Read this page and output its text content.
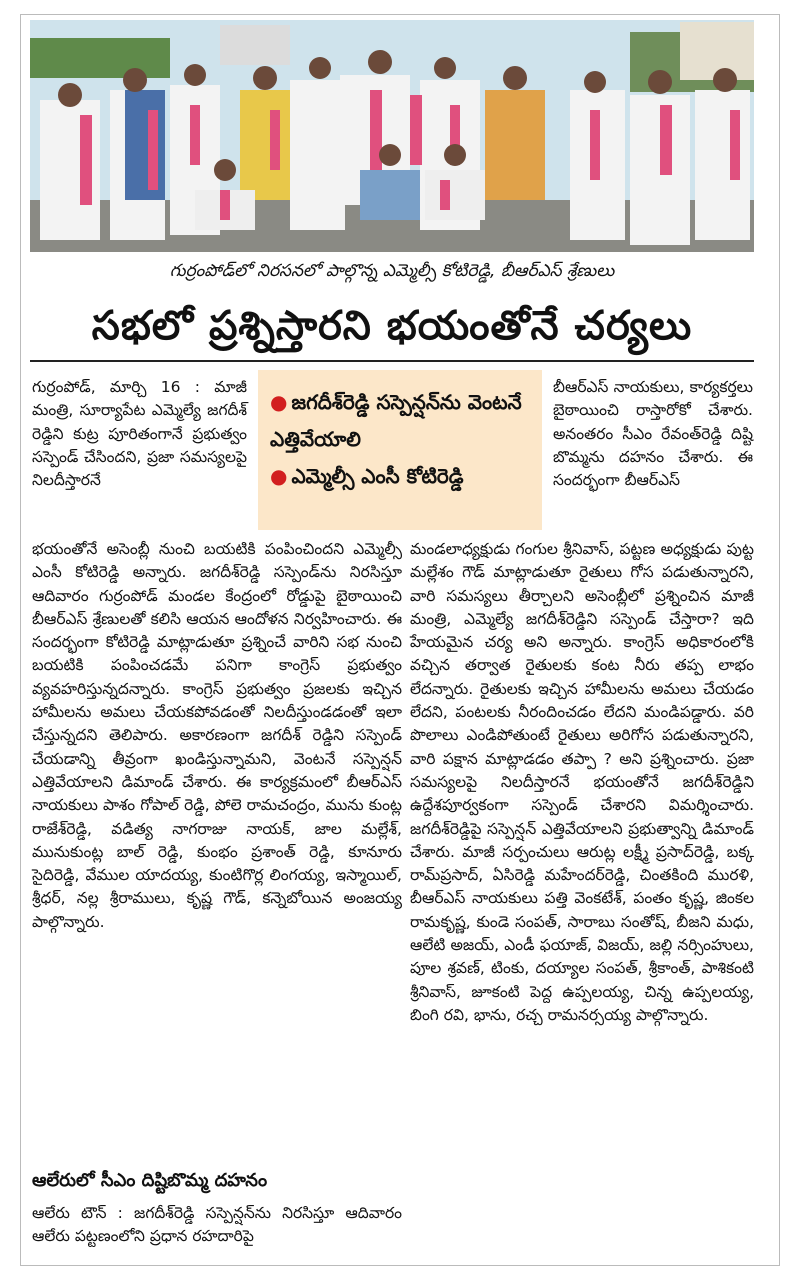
గుర్రంపోడ్‌లో నిరసనలో పాల్గొన్న ఎమ్మెల్సీ కోటిరెడ్డి, బీఆర్‌ఎస్‌ శ్రేణులు
సభలో ప్రశ్నిస్తారని భయంతోనే చర్యలు

● జగదీశ్‌రెడ్డి సస్పెన్షన్‌ను వెంటనే ఎత్తివేయాలి

● ఎమ్మెల్సీ ఎంసీ కోటిరెడ్డి

గుర్రంపోడ్‌, మార్చి 16 : మాజీ మంత్రి, సూర్యాపేట ఎమ్మెల్యే జగదీశ్‌ రెడ్డిని కుట్ర పూరితంగానే ప్రభుత్వం సస్పెండ్‌ చేసిందని, ప్రజా సమస్యలపై నిలదీస్తారనే

భయంతోనే అసెంబ్లీ నుంచి బయటికి పంపించిందని ఎమ్మెల్సీ ఎంసీ కోటిరెడ్డి అన్నారు. జగదీశ్‌రెడ్డి సస్పెండ్‌ను నిరసిస్తూ ఆదివారం గుర్రంపోడ్‌ మండల కేంద్రంలో రోడ్డుపై బైఠాయించి బీఆర్‌ఎస్‌ శ్రేణులతో కలిసి ఆయన ఆందోళన నిర్వహించారు. ఈ సందర్భంగా కోటిరెడ్డి మాట్లాడుతూ ప్రశ్నించే వారిని సభ నుంచి బయటికి పంపించడమే పనిగా కాంగ్రెస్‌ ప్రభుత్వం వ్యవహరిస్తున్నదన్నారు. కాంగ్రెస్‌ ప్రభుత్వం ప్రజలకు ఇచ్చిన హామీలను అమలు చేయకపోవడంతో నిలదీస్తుండడంతో ఇలా చేస్తున్నదని తెలిపారు. అకారణంగా జగదీశ్‌ రెడ్డిని సస్పెండ్‌ చేయడాన్ని తీవ్రంగా ఖండిస్తున్నామని, వెంటనే సస్పెన్షన్‌ ఎత్తివేయాలని డిమాండ్‌ చేశారు. ఈ కార్యక్రమంలో బీఆర్‌ఎస్‌ నాయకులు పాశం గోపాల్‌ రెడ్డి, పోలె రామచంద్రం, మును కుంట్ల రాజేశ్‌రెడ్డి, వడిత్య నాగరాజు నాయక్‌, జాల మల్లేశ్‌, మునుకుంట్ల బాల్‌ రెడ్డి, కుంభం ప్రశాంత్‌ రెడ్డి, కూనూరు సైదిరెడ్డి, వేముల యాదయ్య, కుంటిగొర్ల లింగయ్య, ఇస్మాయిల్‌, శ్రీధర్‌, నల్ల శ్రీరాములు, కృష్ణ గౌడ్‌, కన్నెబోయిన అంజయ్య పాల్గొన్నారు.

బీఆర్‌ఎస్‌ నాయకులు, కార్యకర్తలు బైఠాయించి రాస్తారోకో చేశారు. అనంతరం సీఎం రేవంత్‌రెడ్డి దిష్టి బొమ్మను దహనం చేశారు. ఈ సందర్భంగా బీఆర్‌ఎస్‌

మండలాధ్యక్షుడు గంగుల శ్రీనివాస్‌, పట్టణ అధ్యక్షుడు పుట్ట మల్లేశం గౌడ్‌ మాట్లాడుతూ రైతులు గోస పడుతున్నారని, వారి సమస్యలు తీర్చాలని అసెంబ్లీలో ప్రశ్నించిన మాజీ మంత్రి, ఎమ్మెల్యే జగదీశ్‌రెడ్డిని సస్పెండ్‌ చేస్తారా? ఇది హేయమైన చర్య అని అన్నారు. కాంగ్రెస్‌ అధికారంలోకి వచ్చిన తర్వాత రైతులకు కంట నీరు తప్ప లాభం లేదన్నారు. రైతులకు ఇచ్చిన హామీలను అమలు చేయడం లేదని, పంటలకు నీరందించడం లేదని మండిపడ్డారు. వరి పొలాలు ఎండిపోతుంటే రైతులు అరిగోస పడుతున్నారని, వారి పక్షాన మాట్లాడడం తప్పా ? అని ప్రశ్నించారు. ప్రజా సమస్యలపై నిలదీస్తారనే భయంతోనే జగదీశ్‌రెడ్డిని ఉద్దేశపూర్వకంగా సస్పెండ్‌ చేశారని విమర్శించారు. జగదీశ్‌రెడ్డిపై సస్పెన్షన్‌ ఎత్తివేయాలని ప్రభుత్వాన్ని డిమాండ్‌ చేశారు. మాజీ సర్పంచులు ఆరుట్ల లక్ష్మీ ప్రసాద్‌రెడ్డి, బక్క రామ్‌ప్రసాద్‌, ఏసిరెడ్డి మహేందర్‌రెడ్డి, చింతకింది మురళి, బీఆర్‌ఎస్‌ నాయకులు పత్తి వెంకటేశ్‌, పంతం కృష్ణ, జింకల రామకృష్ణ, కుండె సంపత్‌, సారాబు సంతోష్‌, బీజని మధు, ఆలేటి అజయ్‌, ఎండీ ఫయాజ్‌, విజయ్‌, జల్లి నర్సింహులు, పూల శ్రవణ్‌, టింకు, దయ్యాల సంపత్‌, శ్రీకాంత్‌, పాశికంటి శ్రీనివాస్‌, జూకంటి పెద్ద ఉప్పలయ్య, చిన్న ఉప్పలయ్య, బింగి రవి, భాను, రచ్చ రామనర్సయ్య పాల్గొన్నారు.

ఆలేరులో సీఎం దిష్టిబొమ్మ దహనం

ఆలేరు టౌన్‌ : జగదీశ్‌రెడ్డి సస్పెన్షన్‌ను నిరసిస్తూ ఆదివారం ఆలేరు పట్టణంలోని ప్రధాన రహదారిపై
